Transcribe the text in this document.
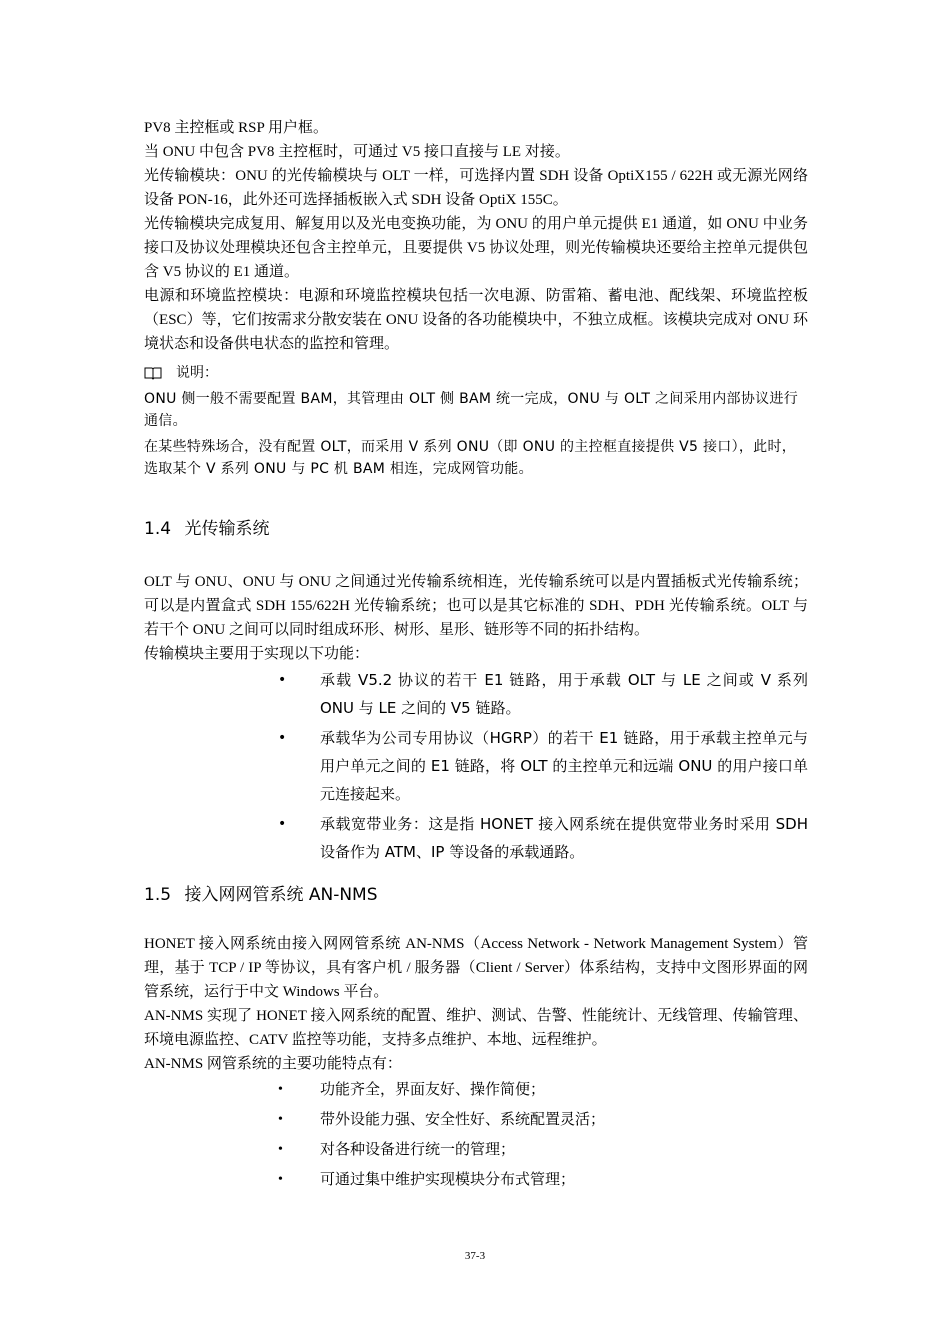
PV8 主控框或 RSP 用户框。

当 ONU 中包含 PV8 主控框时，可通过 V5 接口直接与 LE 对接。

光传输模块：ONU 的光传输模块与 OLT 一样，可选择内置 SDH 设备 OptiX155 / 622H 或无源光网络设备 PON-16，此外还可选择插板嵌入式 SDH 设备 OptiX 155C。

光传输模块完成复用、解复用以及光电变换功能，为 ONU 的用户单元提供 E1 通道，如 ONU 中业务接口及协议处理模块还包含主控单元，且要提供 V5 协议处理，则光传输模块还要给主控单元提供包含 V5 协议的 E1 通道。

电源和环境监控模块：电源和环境监控模块包括一次电源、防雷箱、蓄电池、配线架、环境监控板（ESC）等，它们按需求分散安装在 ONU 设备的各功能模块中，不独立成框。该模块完成对 ONU 环境状态和设备供电状态的监控和管理。

说明：

ONU 侧一般不需要配置 BAM，其管理由 OLT 侧 BAM 统一完成，ONU 与 OLT 之间采用内部协议进行通信。

在某些特殊场合，没有配置 OLT，而采用 V 系列 ONU（即 ONU 的主控框直接提供 V5 接口），此时，选取某个 V 系列 ONU 与 PC 机 BAM 相连，完成网管功能。

1.4 光传输系统

OLT 与 ONU、ONU 与 ONU 之间通过光传输系统相连，光传输系统可以是内置插板式光传输系统；可以是内置盒式 SDH 155/622H 光传输系统；也可以是其它标准的 SDH、PDH 光传输系统。OLT 与若干个 ONU 之间可以同时组成环形、树形、星形、链形等不同的拓扑结构。

传输模块主要用于实现以下功能：

• 承载 V5.2 协议的若干 E1 链路，用于承载 OLT 与 LE 之间或 V 系列 ONU 与 LE 之间的 V5 链路。
• 承载华为公司专用协议（HGRP）的若干 E1 链路，用于承载主控单元与用户单元之间的 E1 链路，将 OLT 的主控单元和远端 ONU 的用户接口单元连接起来。
• 承载宽带业务：这是指 HONET 接入网系统在提供宽带业务时采用 SDH 设备作为 ATM、IP 等设备的承载通路。
1.5 接入网网管系统 AN-NMS

HONET 接入网系统由接入网网管系统 AN-NMS（Access Network - Network Management System）管理，基于 TCP / IP 等协议，具有客户机 / 服务器（Client / Server）体系结构，支持中文图形界面的网管系统，运行于中文 Windows 平台。

AN-NMS 实现了 HONET 接入网系统的配置、维护、测试、告警、性能统计、无线管理、传输管理、环境电源监控、CATV 监控等功能，支持多点维护、本地、远程维护。

AN-NMS 网管系统的主要功能特点有：

• 功能齐全，界面友好、操作简便；
• 带外设能力强、安全性好、系统配置灵活；
• 对各种设备进行统一的管理；
• 可通过集中维护实现模块分布式管理；
37-3
